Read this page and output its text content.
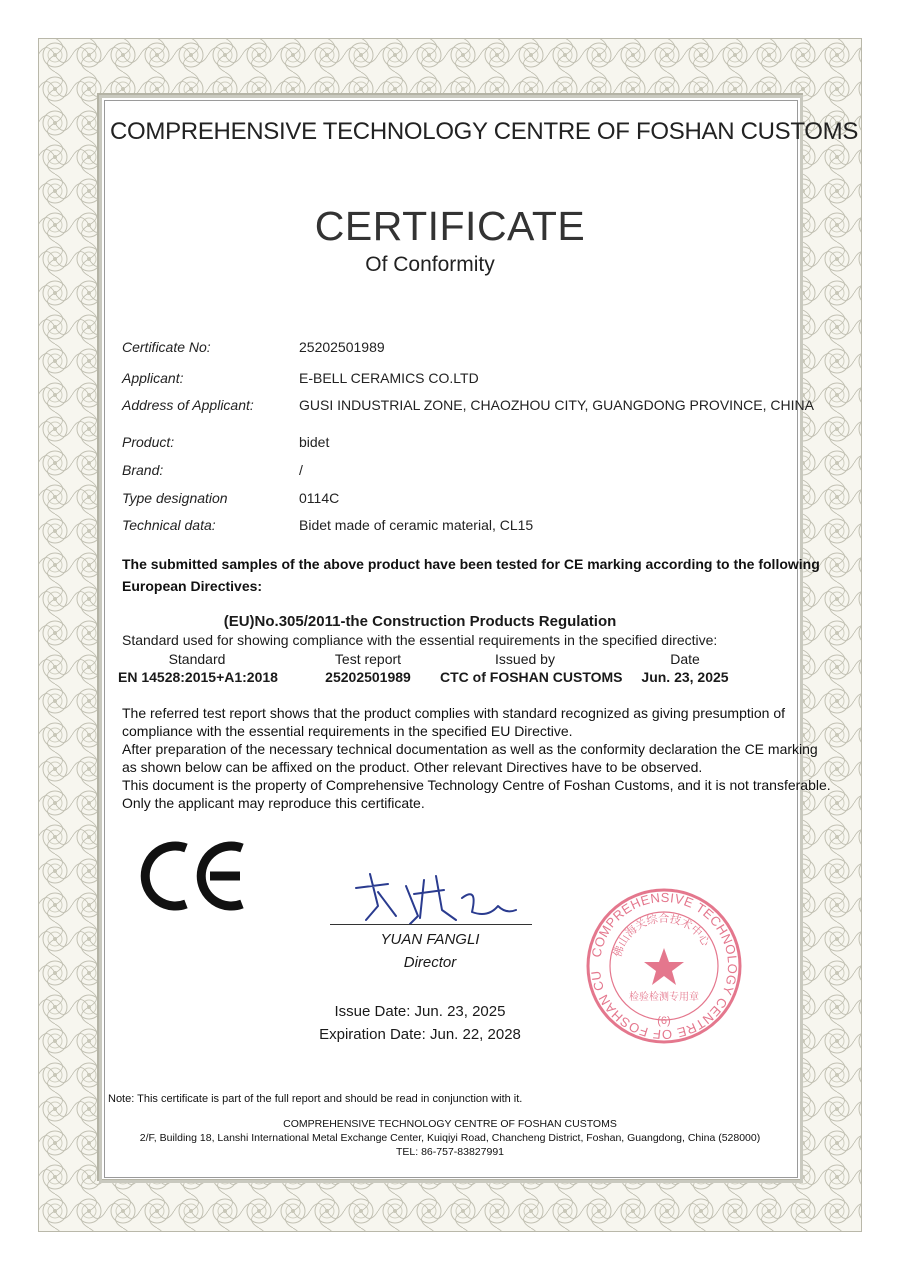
COMPREHENSIVE TECHNOLOGY CENTRE OF FOSHAN CUSTOMS
CERTIFICATE
Of Conformity
Certificate No:	25202501989
Applicant:	E-BELL CERAMICS CO.LTD
Address of Applicant:	GUSI INDUSTRIAL ZONE, CHAOZHOU CITY, GUANGDONG PROVINCE, CHINA
Product:	bidet
Brand:	/
Type designation	0114C
Technical data:	Bidet made of ceramic material, CL15
The submitted samples of the above product have been tested for CE marking according to the following
European Directives:
(EU)No.305/2011-the Construction Products Regulation
Standard used for showing compliance with the essential requirements in the specified directive:
Standard	Test report	Issued by	Date
EN 14528:2015+A1:2018	25202501989	CTC of FOSHAN CUSTOMS	Jun. 23, 2025
The referred test report shows that the product complies with standard recognized as giving presumption of
compliance with the essential requirements in the specified EU Directive.
After preparation of the necessary technical documentation as well as the conformity declaration the CE marking
as shown below can be affixed on the product. Other relevant Directives have to be observed.
This document is the property of Comprehensive Technology Centre of Foshan Customs, and it is not transferable.
Only the applicant may reproduce this certificate.
YUAN FANGLI
Director
Issue Date: Jun. 23, 2025
Expiration Date: Jun. 22, 2028
COMPREHENSIVE TECHNOLOGY CENTRE OF FOSHAN CU
佛山海关综合技术中心
检验检测专用章
(6)
Note: This certificate is part of the full report and should be read in conjunction with it.
COMPREHENSIVE TECHNOLOGY CENTRE OF FOSHAN CUSTOMS
2/F, Building 18, Lanshi International Metal Exchange Center, Kuiqiyi Road, Chancheng District, Foshan, Guangdong, China (528000)
TEL: 86-757-83827991
